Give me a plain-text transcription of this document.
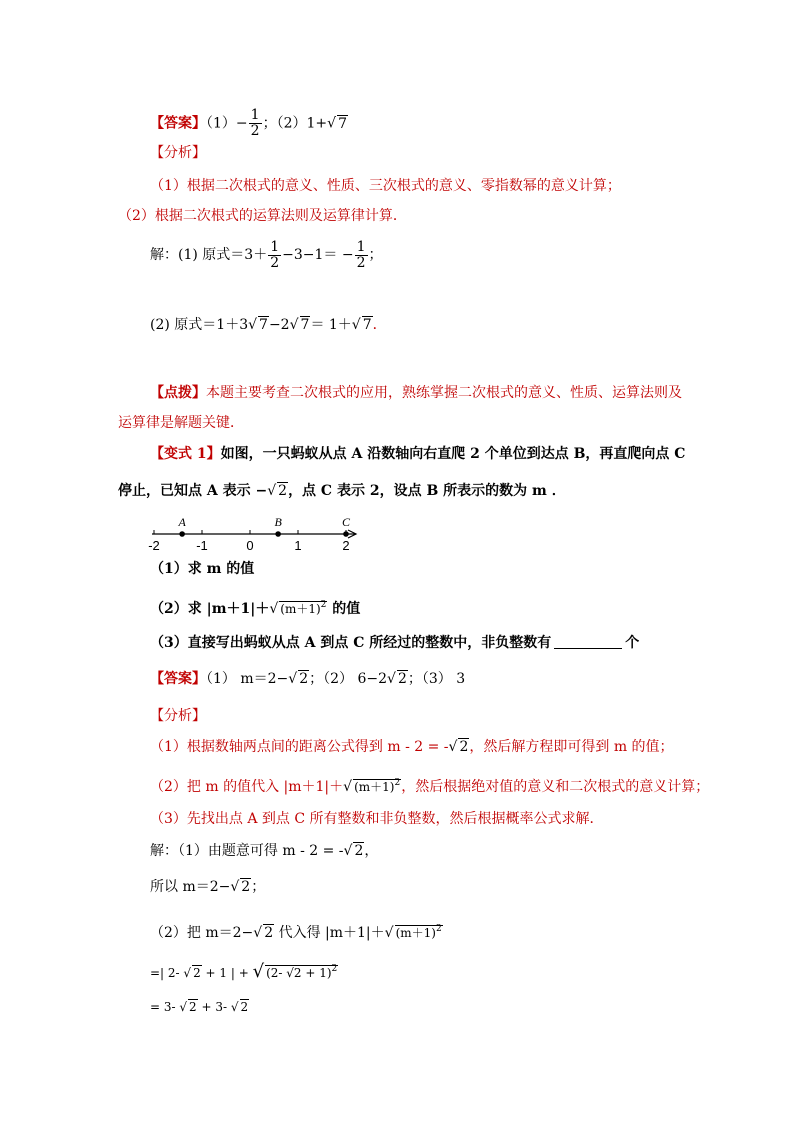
【答案】$(1)- \frac{1}{2}$ ；（2）1+√ 7
【分析】
（1）根据二次根式的意义、性质、三次根式的意义、零指数幂的意义计算；
（2）根据二次根式的运算法则及运算律计算．
解：(1) 原式$=3+ \frac{1}{2} -3-1= - \frac{1}{2}$ ；
(2) 原式＝1＋3√ 7−2√ 7＝ 1＋√ 7．
【点拨】本题主要考查二次根式的应用，熟练掌握二次根式的意义、性质、运算法则及
运算律是解题关键．
【变式 1】如图，一只蚂蚁从点 A 沿数轴向右直爬 2 个单位到达点 B，再直爬向点 C
停止，已知点 A 表示 −√ 2，点 C 表示 2，设点 B 所表示的数为 m ．
-2	-1	0	1	2
A	B	C
（1）求 m 的值
（2）求 |m＋1|＋√ $(m+1)^2$ 的值
（3）直接写出蚂蚁从点 A 到点 C 所经过的整数中，非负整数有	个
【答案】（1） m＝2−√ 2；（2） 6−2√ 2；（3） 3
【分析】
（1）根据数轴两点间的距离公式得到 m - 2 = -√ 2，然后解方程即可得到 m 的值；
（2）把 m 的值代入 |m＋1|＋√ $(m+1)^2$，然后根据绝对值的意义和二次根式的意义计算；
（3）先找出点 A 到点 C 所有整数和非负整数，然后根据概率公式求解．
解：（1）由题意可得 m - 2 = -√ 2，
所以 m＝2−√ 2；
（2）把 m＝2−√ 2 代入得 |m＋1|＋√ $(m+1)^2$
=| 2- √ 2 + 1 | + √ (2- √2 + 1)$^2$
= 3- √ 2 + 3- √ 2
